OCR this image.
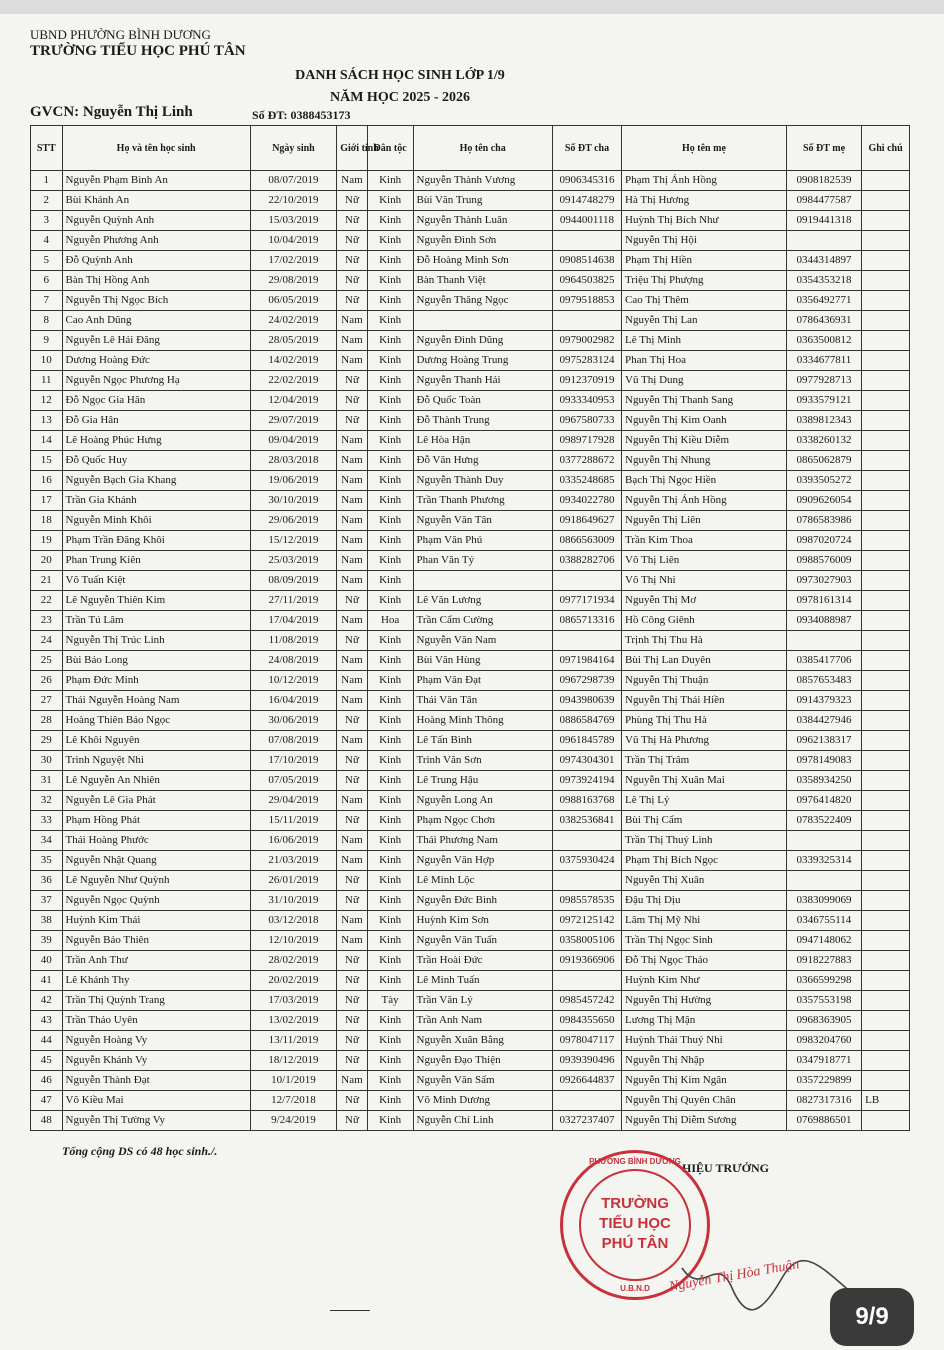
UBND PHƯỜNG BÌNH DƯƠNG
TRƯỜNG TIỂU HỌC PHÚ TÂN
DANH SÁCH HỌC SINH LỚP 1/9
NĂM HỌC 2025 - 2026
GVCN: Nguyễn Thị Linh	Số ĐT: 0388453173
STT	Họ và tên học sinh	Ngày sinh	Giới tính	Dân tộc	Họ tên cha	Số ĐT cha	Họ tên mẹ	Số ĐT mẹ	Ghi chú
1	Nguyễn Phạm Bình An	08/07/2019	Nam	Kinh	Nguyễn Thành Vương	0906345316	Phạm Thị Ánh Hồng	0908182539	
2	Bùi Khánh An	22/10/2019	Nữ	Kinh	Bùi Văn Trung	0914748279	Hà Thị Hương	0984477587	
3	Nguyễn Quỳnh Anh	15/03/2019	Nữ	Kinh	Nguyễn Thành Luân	0944001118	Huỳnh Thị Bích Như	0919441318	
4	Nguyễn Phương Anh	10/04/2019	Nữ	Kinh	Nguyễn Đình Sơn		Nguyễn Thị Hội		
5	Đỗ Quỳnh Anh	17/02/2019	Nữ	Kinh	Đỗ Hoàng Minh Sơn	0908514638	Phạm Thị Hiền	0344314897	
6	Bàn Thị Hồng Anh	29/08/2019	Nữ	Kinh	Bàn Thanh Việt	0964503825	Triệu Thị Phượng	0354353218	
7	Nguyễn Thị Ngọc Bích	06/05/2019	Nữ	Kinh	Nguyễn Thăng Ngọc	0979518853	Cao Thị Thêm	0356492771	
8	Cao Anh Dũng	24/02/2019	Nam	Kinh			Nguyễn Thị Lan	0786436931	
9	Nguyễn Lê Hải Đăng	28/05/2019	Nam	Kinh	Nguyễn Đình Dũng	0979002982	Lê Thị Minh	0363500812	
10	Dương Hoàng Đức	14/02/2019	Nam	Kinh	Dương Hoàng Trung	0975283124	Phan Thị Hoa	0334677811	
11	Nguyễn Ngọc Phương Hạ	22/02/2019	Nữ	Kinh	Nguyễn Thanh Hải	0912370919	Vũ Thị Dung	0977928713	
12	Đỗ Ngọc Gia Hân	12/04/2019	Nữ	Kinh	Đỗ Quốc Toàn	0933340953	Nguyễn Thị Thanh Sang	0933579121	
13	Đỗ Gia Hân	29/07/2019	Nữ	Kinh	Đỗ Thành Trung	0967580733	Nguyễn Thị Kim Oanh	0389812343	
14	Lê Hoàng Phúc Hưng	09/04/2019	Nam	Kinh	Lê Hòa Hận	0989717928	Nguyễn Thị Kiều Diễm	0338260132	
15	Đỗ Quốc Huy	28/03/2018	Nam	Kinh	Đỗ Văn Hưng	0377288672	Nguyễn Thị Nhung	0865062879	
16	Nguyễn Bạch Gia Khang	19/06/2019	Nam	Kinh	Nguyễn Thành Duy	0335248685	Bạch Thị Ngọc Hiền	0393505272	
17	Trần Gia Khánh	30/10/2019	Nam	Kinh	Trần Thanh Phương	0934022780	Nguyễn Thị Ánh Hồng	0909626054	
18	Nguyễn Minh Khôi	29/06/2019	Nam	Kinh	Nguyễn Văn Tân	0918649627	Nguyễn Thị Liên	0786583986	
19	Phạm Trần Đăng Khôi	15/12/2019	Nam	Kinh	Phạm Văn Phú	0866563009	Trần Kim Thoa	0987020724	
20	Phan Trung Kiên	25/03/2019	Nam	Kinh	Phan Văn Tý	0388282706	Võ Thị Liên	0988576009	
21	Võ Tuấn Kiệt	08/09/2019	Nam	Kinh			Võ Thị Nhi	0973027903	
22	Lê Nguyễn Thiên Kim	27/11/2019	Nữ	Kinh	Lê Văn Lương	0977171934	Nguyễn Thị Mơ	0978161314	
23	Trần Tú Lâm	17/04/2019	Nam	Hoa	Trần Cẩm Cường	0865713316	Hồ Công Giênh	0934088987	
24	Nguyễn Thị Trúc Linh	11/08/2019	Nữ	Kinh	Nguyễn Văn Nam		Trịnh Thị Thu Hà		
25	Bùi Bảo Long	24/08/2019	Nam	Kinh	Bùi Văn Hùng	0971984164	Bùi Thị Lan Duyên	0385417706	
26	Phạm Đức Minh	10/12/2019	Nam	Kinh	Phạm Văn Đạt	0967298739	Nguyễn Thị Thuận	0857653483	
27	Thái Nguyễn Hoàng Nam	16/04/2019	Nam	Kinh	Thái Văn Tân	0943980639	Nguyễn Thị Thái Hiền	0914379323	
28	Hoàng Thiên Bảo Ngọc	30/06/2019	Nữ	Kinh	Hoàng Minh Thông	0886584769	Phùng Thị Thu Hà	0384427946	
29	Lê Khôi Nguyên	07/08/2019	Nam	Kinh	Lê Tấn Bình	0961845789	Vũ Thị Hà Phương	0962138317	
30	Trình Nguyệt Nhi	17/10/2019	Nữ	Kinh	Trình Văn Sơn	0974304301	Trần Thị Trâm	0978149083	
31	Lê Nguyễn An Nhiên	07/05/2019	Nữ	Kinh	Lê Trung Hậu	0973924194	Nguyễn Thị Xuân Mai	0358934250	
32	Nguyễn Lê Gia Phát	29/04/2019	Nam	Kinh	Nguyễn Long An	0988163768	Lê Thị Lý	0976414820	
33	Phạm Hồng Phát	15/11/2019	Nữ	Kinh	Phạm Ngọc Chơn	0382536841	Bùi Thị Cẩm	0783522409	
34	Thái Hoàng Phước	16/06/2019	Nam	Kinh	Thái Phương Nam		Trần Thị Thuý Linh		
35	Nguyễn Nhật Quang	21/03/2019	Nam	Kinh	Nguyễn Văn Hợp	0375930424	Phạm Thị Bích Ngọc	0339325314	
36	Lê Nguyễn Như Quỳnh	26/01/2019	Nữ	Kinh	Lê Minh Lộc		Nguyễn Thị Xuân		
37	Nguyễn Ngọc Quỳnh	31/10/2019	Nữ	Kinh	Nguyễn Đức Bình	0985578535	Đậu Thị Dịu	0383099069	
38	Huỳnh Kim Thái	03/12/2018	Nam	Kinh	Huỳnh Kim Sơn	0972125142	Lâm Thị Mỹ Nhi	0346755114	
39	Nguyễn Bảo Thiên	12/10/2019	Nam	Kinh	Nguyễn Văn Tuấn	0358005106	Trần Thị Ngọc Sinh	0947148062	
40	Trần Anh Thư	28/02/2019	Nữ	Kinh	Trần Hoài Đức	0919366906	Đỗ Thị Ngọc Thảo	0918227883	
41	Lê Khánh Thy	20/02/2019	Nữ	Kinh	Lê Minh Tuấn		Huỳnh Kim Như	0366599298	
42	Trần Thị Quỳnh Trang	17/03/2019	Nữ	Tày	Trần Văn Lý	0985457242	Nguyễn Thị Hường	0357553198	
43	Trần Thảo Uyên	13/02/2019	Nữ	Kinh	Trần Anh Nam	0984355650	Lương Thị Mận	0968363905	
44	Nguyễn Hoàng Vy	13/11/2019	Nữ	Kinh	Nguyễn Xuân Bằng	0978047117	Huỳnh Thái Thuý Nhi	0983204760	
45	Nguyễn Khánh Vy	18/12/2019	Nữ	Kinh	Nguyễn Đạo Thiện	0939390496	Nguyễn Thị Nhập	0347918771	
46	Nguyễn Thành Đạt	10/1/2019	Nam	Kinh	Nguyễn Văn Sấm	0926644837	Nguyễn Thị Kim Ngân	0357229899	
47	Võ Kiều Mai	12/7/2018	Nữ	Kinh	Võ Minh Dương		Nguyễn Thị Quyên Chân	0827317316	LB
48	Nguyễn Thị Tường Vy	9/24/2019	Nữ	Kinh	Nguyễn Chí Linh	0327237407	Nguyễn Thị Diễm Sương	0769886501	
Tổng cộng DS có 48 học sinh./.
HIỆU TRƯỞNG
PHƯỜNG BÌNH DƯƠNG
TRƯỜNG
TIỂU HỌC
PHÚ TÂN
U.B.N.D	Nguyễn Thị Hòa Thuận
9/9
